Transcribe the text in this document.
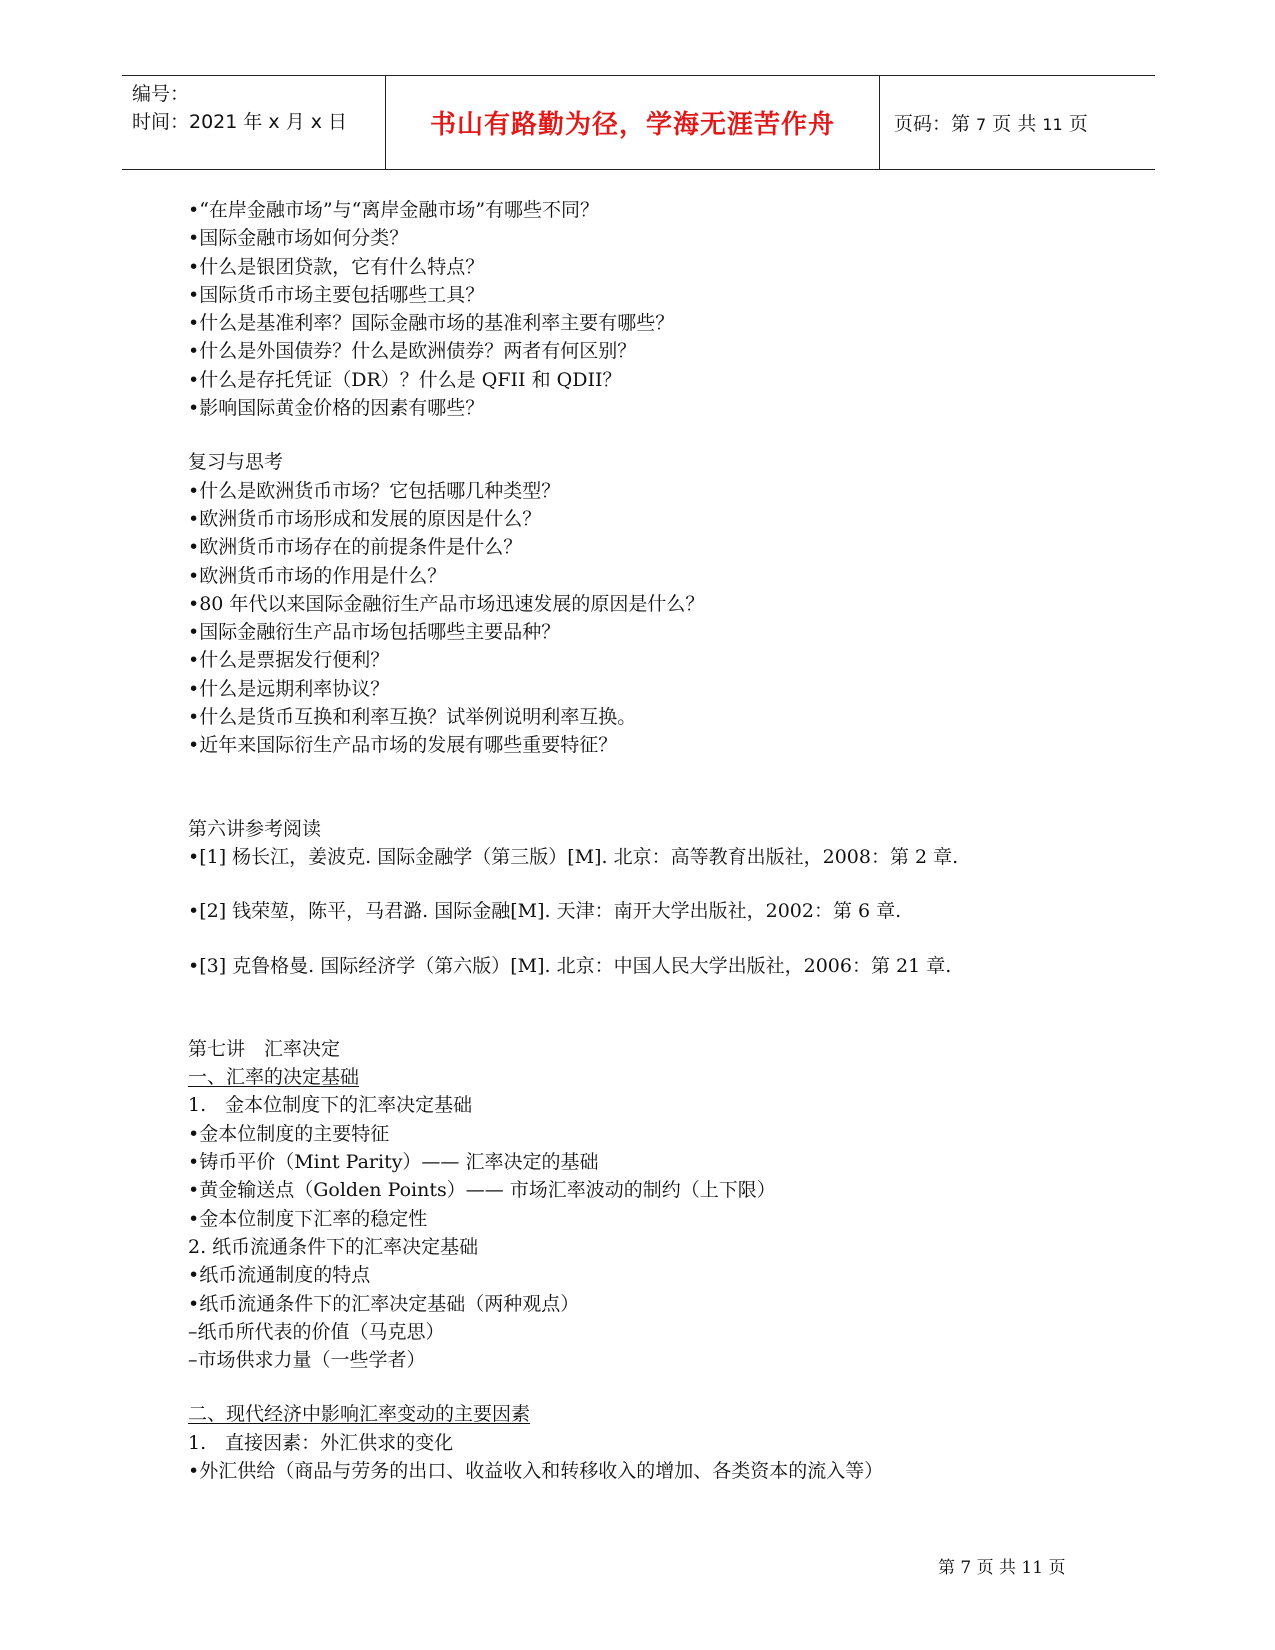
编号：
时间：2021 年 x 月 x 日	书山有路勤为径，学海无涯苦作舟	页码：第 7 页 共 11 页
•“在岸金融市场”与“离岸金融市场”有哪些不同？
•国际金融市场如何分类？
•什么是银团贷款，它有什么特点？
•国际货币市场主要包括哪些工具？
•什么是基准利率？国际金融市场的基准利率主要有哪些？
•什么是外国债券？什么是欧洲债券？两者有何区别？
•什么是存托凭证（DR）？什么是 QFII 和 QDII？
•影响国际黄金价格的因素有哪些？
复习与思考
•什么是欧洲货币市场？它包括哪几种类型？
•欧洲货币市场形成和发展的原因是什么？
•欧洲货币市场存在的前提条件是什么？
•欧洲货币市场的作用是什么？
•80 年代以来国际金融衍生产品市场迅速发展的原因是什么？
•国际金融衍生产品市场包括哪些主要品种？
•什么是票据发行便利？
•什么是远期利率协议？
•什么是货币互换和利率互换？试举例说明利率互换。
•近年来国际衍生产品市场的发展有哪些重要特征？
第六讲参考阅读
•[1] 杨长江，姜波克. 国际金融学（第三版）[M]. 北京：高等教育出版社，2008：第 2 章.
•[2] 钱荣堃，陈平，马君潞. 国际金融[M]. 天津：南开大学出版社，2002：第 6 章.
•[3] 克鲁格曼. 国际经济学（第六版）[M]. 北京：中国人民大学出版社，2006：第 21 章.
第七讲　汇率决定
一、汇率的决定基础
1.　金本位制度下的汇率决定基础
•金本位制度的主要特征
•铸币平价（Mint Parity）—— 汇率决定的基础
•黄金输送点（Golden Points）—— 市场汇率波动的制约（上下限）
•金本位制度下汇率的稳定性
2. 纸币流通条件下的汇率决定基础
•纸币流通制度的特点
•纸币流通条件下的汇率决定基础（两种观点）
–纸币所代表的价值（马克思）
–市场供求力量（一些学者）
二、现代经济中影响汇率变动的主要因素
1.　直接因素：外汇供求的变化
•外汇供给（商品与劳务的出口、收益收入和转移收入的增加、各类资本的流入等）
第 7 页 共 11 页
